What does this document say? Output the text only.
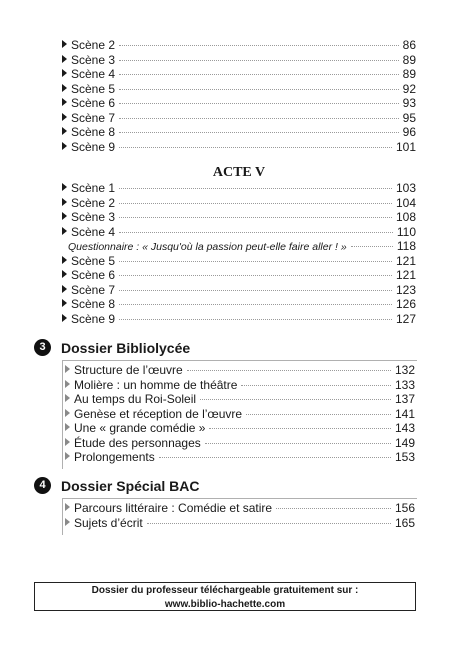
Scène 2	86
Scène 3	89
Scène 4	89
Scène 5	92
Scène 6	93
Scène 7	95
Scène 8	96
Scène 9	101
ACTE V
Scène 1	103
Scène 2	104
Scène 3	108
Scène 4	110
Questionnaire : « Jusqu'où la passion peut-elle faire aller ! »	118
Scène 5	121
Scène 6	121
Scène 7	123
Scène 8	126
Scène 9	127
3	Dossier Bibliolycée
Structure de l’œuvre	132
Molière : un homme de théâtre	133
Au temps du Roi-Soleil	137
Genèse et réception de l’œuvre	141
Une « grande comédie »	143
Étude des personnages	149
Prolongements	153
4	Dossier Spécial BAC
Parcours littéraire : Comédie et satire	156
Sujets d’écrit	165
Dossier du professeur téléchargeable gratuitement sur :
www.biblio-hachette.com
